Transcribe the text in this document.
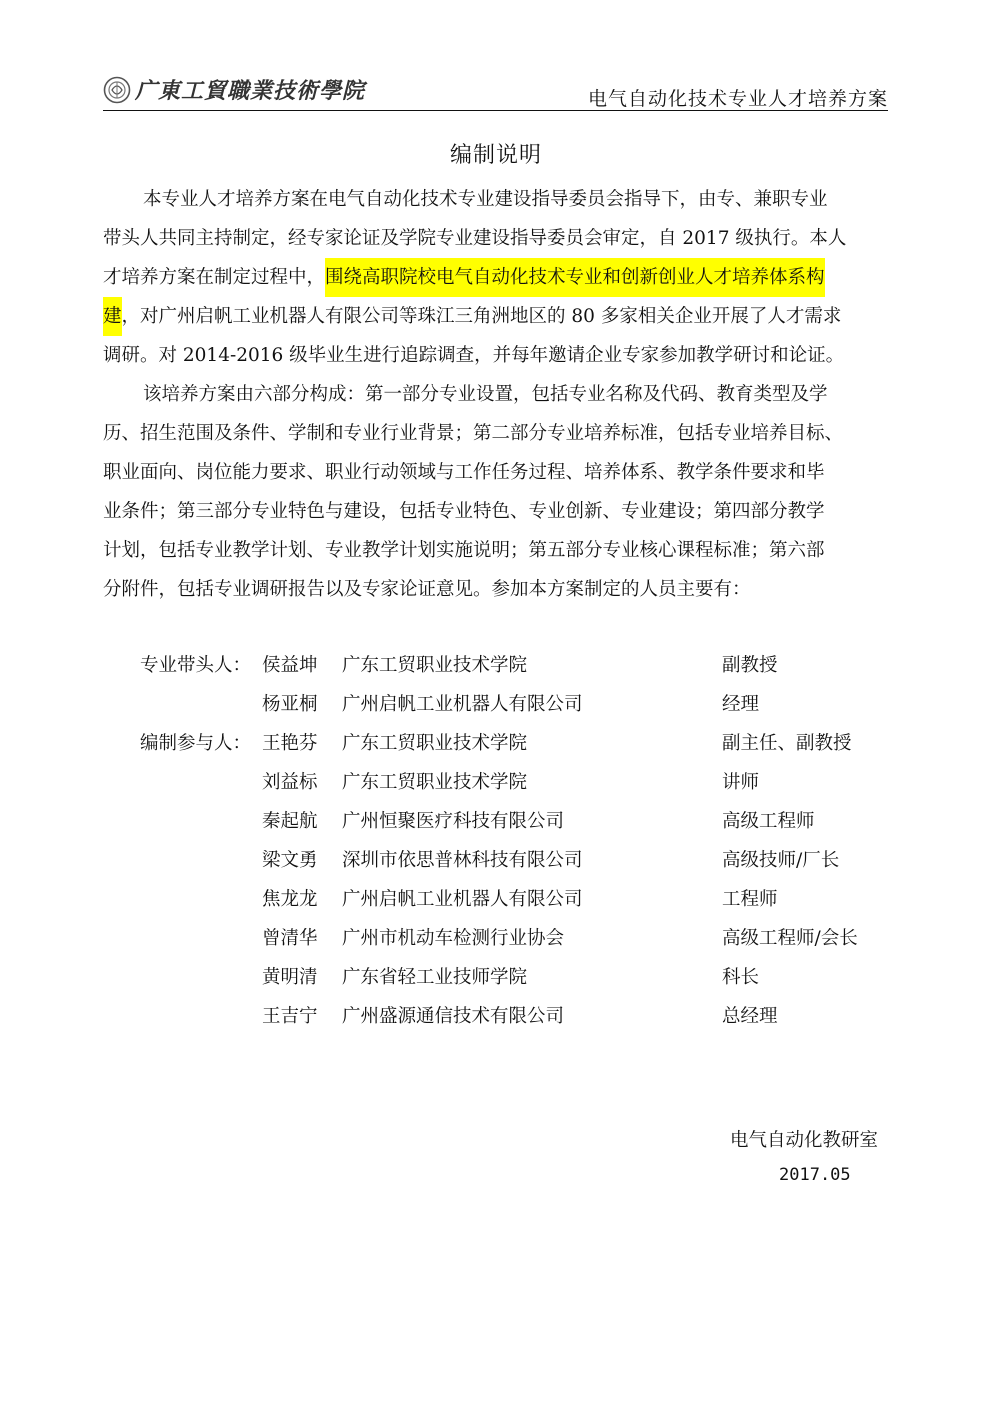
广東工貿職業技術學院	电气自动化技术专业人才培养方案
编制说明
本专业人才培养方案在电气自动化技术专业建设指导委员会指导下，由专、兼职专业
带头人共同主持制定，经专家论证及学院专业建设指导委员会审定，自 2017 级执行。本人
才培养方案在制定过程中， 围绕高职院校电气自动化技术专业和创新创业人才培养体系构
建 ，对广州启帆工业机器人有限公司等珠江三角洲地区的 80 多家相关企业开展了人才需求
调研。对 2014-2016 级毕业生进行追踪调查，并每年邀请企业专家参加教学研讨和论证。
该培养方案由六部分构成：第一部分专业设置，包括专业名称及代码、教育类型及学
历、招生范围及条件、学制和专业行业背景；第二部分专业培养标准，包括专业培养目标、
职业面向、岗位能力要求、职业行动领域与工作任务过程、培养体系、教学条件要求和毕
业条件；第三部分专业特色与建设，包括专业特色、专业创新、专业建设；第四部分教学
计划，包括专业教学计划、专业教学计划实施说明；第五部分专业核心课程标准；第六部
分附件，包括专业调研报告以及专家论证意见。参加本方案制定的人员主要有：
专业带头人： 侯益坤 广东工贸职业技术学院	副教授
杨亚桐 广州启帆工业机器人有限公司	经理
编制参与人： 王艳芬 广东工贸职业技术学院	副主任、副教授
刘益标 广东工贸职业技术学院	讲师
秦起航 广州恒聚医疗科技有限公司	高级工程师
梁文勇 深圳市依思普林科技有限公司	高级技师/厂长
焦龙龙 广州启帆工业机器人有限公司	工程师
曾清华 广州市机动车检测行业协会	高级工程师/会长
黄明清 广东省轻工业技师学院	科长
王吉宁 广州盛源通信技术有限公司	总经理
电气自动化教研室
2017.05
